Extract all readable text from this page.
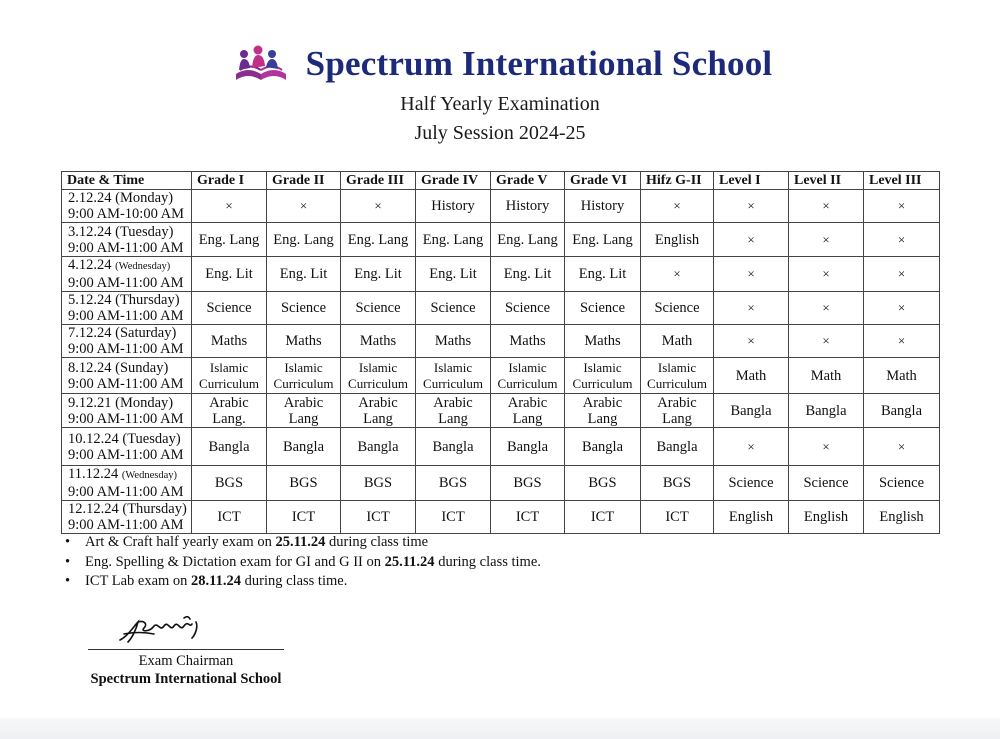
Spectrum International School
Half Yearly Examination
July Session 2024-25
Date & Time	Grade I	Grade II	Grade III	Grade IV	Grade V	Grade VI	Hifz G-II	Level I	Level II	Level III
2.12.24 (Monday)
9:00 AM-10:00 AM	×	×	×	History	History	History	×	×	×	×
3.12.24 (Tuesday)
9:00 AM-11:00 AM	Eng. Lang	Eng. Lang	Eng. Lang	Eng. Lang	Eng. Lang	Eng. Lang	English	×	×	×
4.12.24 (Wednesday)
9:00 AM-11:00 AM	Eng. Lit	Eng. Lit	Eng. Lit	Eng. Lit	Eng. Lit	Eng. Lit	×	×	×	×
5.12.24 (Thursday)
9:00 AM-11:00 AM	Science	Science	Science	Science	Science	Science	Science	×	×	×
7.12.24 (Saturday)
9:00 AM-11:00 AM	Maths	Maths	Maths	Maths	Maths	Maths	Math	×	×	×
8.12.24 (Sunday)
9:00 AM-11:00 AM	Islamic Curriculum	Islamic Curriculum	Islamic Curriculum	Islamic Curriculum	Islamic Curriculum	Islamic Curriculum	Islamic Curriculum	Math	Math	Math
9.12.21 (Monday)
9:00 AM-11:00 AM	Arabic Lang.	Arabic Lang	Arabic Lang	Arabic Lang	Arabic Lang	Arabic Lang	Arabic Lang	Bangla	Bangla	Bangla
10.12.24 (Tuesday)
9:00 AM-11:00 AM	Bangla	Bangla	Bangla	Bangla	Bangla	Bangla	Bangla	×	×	×
11.12.24 (Wednesday)
9:00 AM-11:00 AM	BGS	BGS	BGS	BGS	BGS	BGS	BGS	Science	Science	Science
12.12.24 (Thursday)
9:00 AM-11:00 AM	ICT	ICT	ICT	ICT	ICT	ICT	ICT	English	English	English
• Art & Craft half yearly exam on 25.11.24 during class time
• Eng. Spelling & Dictation exam for GI and G II on 25.11.24 during class time.
• ICT Lab exam on 28.11.24 during class time.
Exam Chairman
Spectrum International School
